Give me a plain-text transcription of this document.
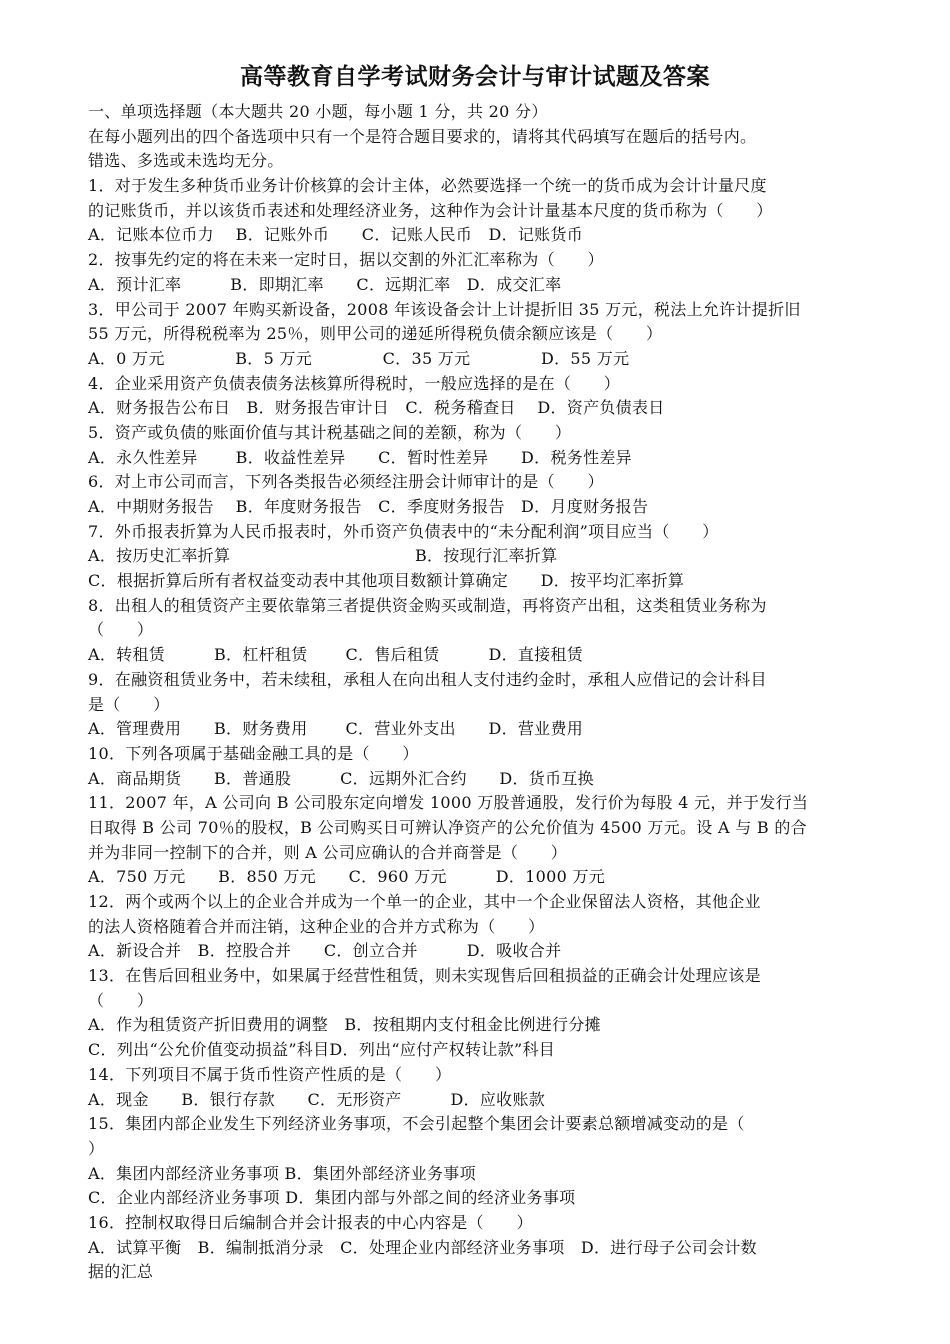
高等教育自学考试财务会计与审计试题及答案
一、单项选择题（本大题共 20 小题，每小题 1 分，共 20 分）
在每小题列出的四个备选项中只有一个是符合题目要求的，请将其代码填写在题后的括号内。
错选、多选或未选均无分。
1．对于发生多种货币业务计价核算的会计主体，必然要选择一个统一的货币成为会计计量尺度
的记账货币，并以该货币表述和处理经济业务，这种作为会计计量基本尺度的货币称为（　　）
A．记账本位币力　 B．记账外币　　C．记账人民币　D．记账货币
2．按事先约定的将在未来一定时日，据以交割的外汇汇率称为（　　）
A．预计汇率　　　B．即期汇率　　C．远期汇率　D．成交汇率
3．甲公司于 2007 年购买新设备，2008 年该设备会计上计提折旧 35 万元，税法上允许计提折旧
55 万元，所得税税率为 25％，则甲公司的递延所得税负债余额应该是（　　）
A．0 万元　　　　 B．5 万元　　　　 C．35 万元　　　　 D．55 万元
4．企业采用资产负债表债务法核算所得税时，一般应选择的是在（　　）
A．财务报告公布日　B．财务报告审计日　C．税务稽查日　 D．资产负债表日
5．资产或负债的账面价值与其计税基础之间的差额，称为（　　）
A．永久性差异　　 B．收益性差异　　C．暂时性差异　　D．税务性差异
6．对上市公司而言，下列各类报告必须经注册会计师审计的是（　　）
A．中期财务报告　 B．年度财务报告　C．季度财务报告　D．月度财务报告
7．外币报表折算为人民币报表时，外币资产负债表中的“未分配利润”项目应当（　　）
A．按历史汇率折算　　　　　　　　　　　 B．按现行汇率折算
C．根据折算后所有者权益变动表中其他项目数额计算确定　　D．按平均汇率折算
8．出租人的租赁资产主要依靠第三者提供资金购买或制造，再将资产出租，这类租赁业务称为
（　　）
A．转租赁　　　B．杠杆租赁　　 C．售后租赁　　　D．直接租赁
9．在融资租赁业务中，若未续租，承租人在向出租人支付违约金时，承租人应借记的会计科目
是（　　）
A．管理费用　　B．财务费用　　 C．营业外支出　　D．营业费用
10．下列各项属于基础金融工具的是（　　）
A．商品期货　　B．普通股　　　C．远期外汇合约　　D．货币互换
11．2007 年，A 公司向 B 公司股东定向增发 1000 万股普通股，发行价为每股 4 元，并于发行当
日取得 B 公司 70％的股权，B 公司购买日可辨认净资产的公允价值为 4500 万元。设 A 与 B 的合
并为非同一控制下的合并，则 A 公司应确认的合并商誉是（　　）
A．750 万元　　B．850 万元　　C．960 万元　　　D．1000 万元
12．两个或两个以上的企业合并成为一个单一的企业，其中一个企业保留法人资格，其他企业
的法人资格随着合并而注销，这种企业的合并方式称为（　　）
A．新设合并　B．控股合并　　C．创立合并　　　D．吸收合并
13．在售后回租业务中，如果属于经营性租赁，则未实现售后回租损益的正确会计处理应该是
（　　）
A．作为租赁资产折旧费用的调整　B．按租期内支付租金比例进行分摊
C．列出“公允价值变动损益”科目D．列出“应付产权转让款”科目
14．下列项目不属于货币性资产性质的是（　　）
A．现金　　B．银行存款　　C．无形资产　　　D．应收账款
15．集团内部企业发生下列经济业务事项，不会引起整个集团会计要素总额增减变动的是（
）
A．集团内部经济业务事项 B．集团外部经济业务事项
C．企业内部经济业务事项 D．集团内部与外部之间的经济业务事项
16．控制权取得日后编制合并会计报表的中心内容是（　　）
A．试算平衡　B．编制抵消分录　C．处理企业内部经济业务事项　D．进行母子公司会计数
据的汇总
